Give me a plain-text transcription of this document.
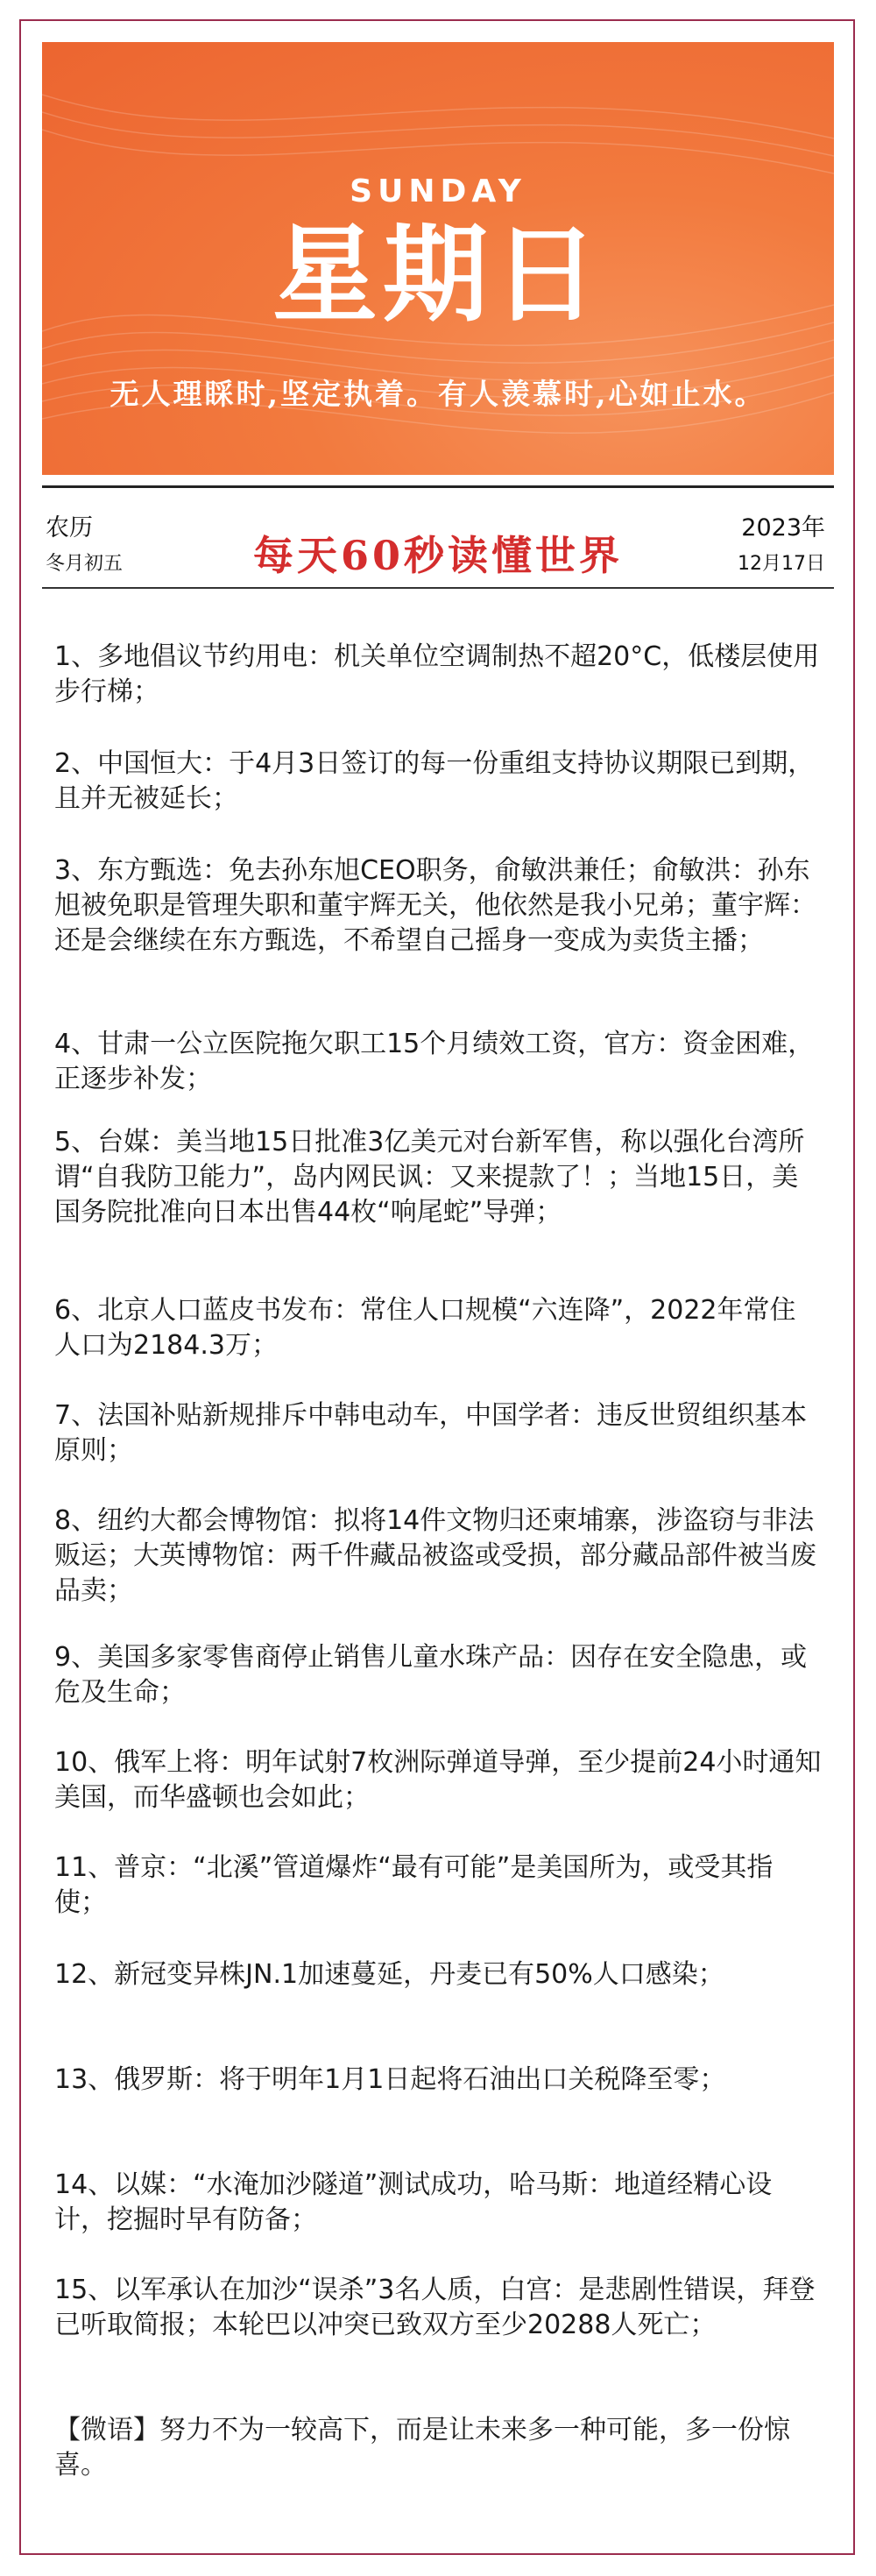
SUNDAY
星期日
无人理睬时,坚定执着。有人羡慕时,心如止水。
农历
冬月初五	每天60秒读懂世界
2023年
12月17日
1、多地倡议节约用电：机关单位空调制热不超20°C，低楼层使用步行梯；
2、中国恒大：于4月3日签订的每一份重组支持协议期限已到期，且并无被延长；
3、东方甄选：免去孙东旭CEO职务，俞敏洪兼任；俞敏洪：孙东旭被免职是管理失职和董宇辉无关，他依然是我小兄弟；董宇辉：还是会继续在东方甄选，不希望自己摇身一变成为卖货主播；
4、甘肃一公立医院拖欠职工15个月绩效工资，官方：资金困难，正逐步补发；
5、台媒：美当地15日批准3亿美元对台新军售，称以强化台湾所谓“自我防卫能力”，岛内网民讽：又来提款了！；当地15日，美国务院批准向日本出售44枚“响尾蛇”导弹；
6、北京人口蓝皮书发布：常住人口规模“六连降”，2022年常住人口为2184.3万；
7、法国补贴新规排斥中韩电动车，中国学者：违反世贸组织基本原则；
8、纽约大都会博物馆：拟将14件文物归还柬埔寨，涉盗窃与非法贩运；大英博物馆：两千件藏品被盗或受损，部分藏品部件被当废品卖；
9、美国多家零售商停止销售儿童水珠产品：因存在安全隐患，或危及生命；
10、俄军上将：明年试射7枚洲际弹道导弹，至少提前24小时通知美国，而华盛顿也会如此；
11、普京：“北溪”管道爆炸“最有可能”是美国所为，或受其指使；
12、新冠变异株JN.1加速蔓延，丹麦已有50%人口感染；
13、俄罗斯：将于明年1月1日起将石油出口关税降至零；
14、以媒：“水淹加沙隧道”测试成功，哈马斯：地道经精心设计，挖掘时早有防备；
15、以军承认在加沙“误杀”3名人质，白宫：是悲剧性错误，拜登已听取简报；本轮巴以冲突已致双方至少20288人死亡；
【微语】努力不为一较高下，而是让未来多一种可能，多一份惊喜。
